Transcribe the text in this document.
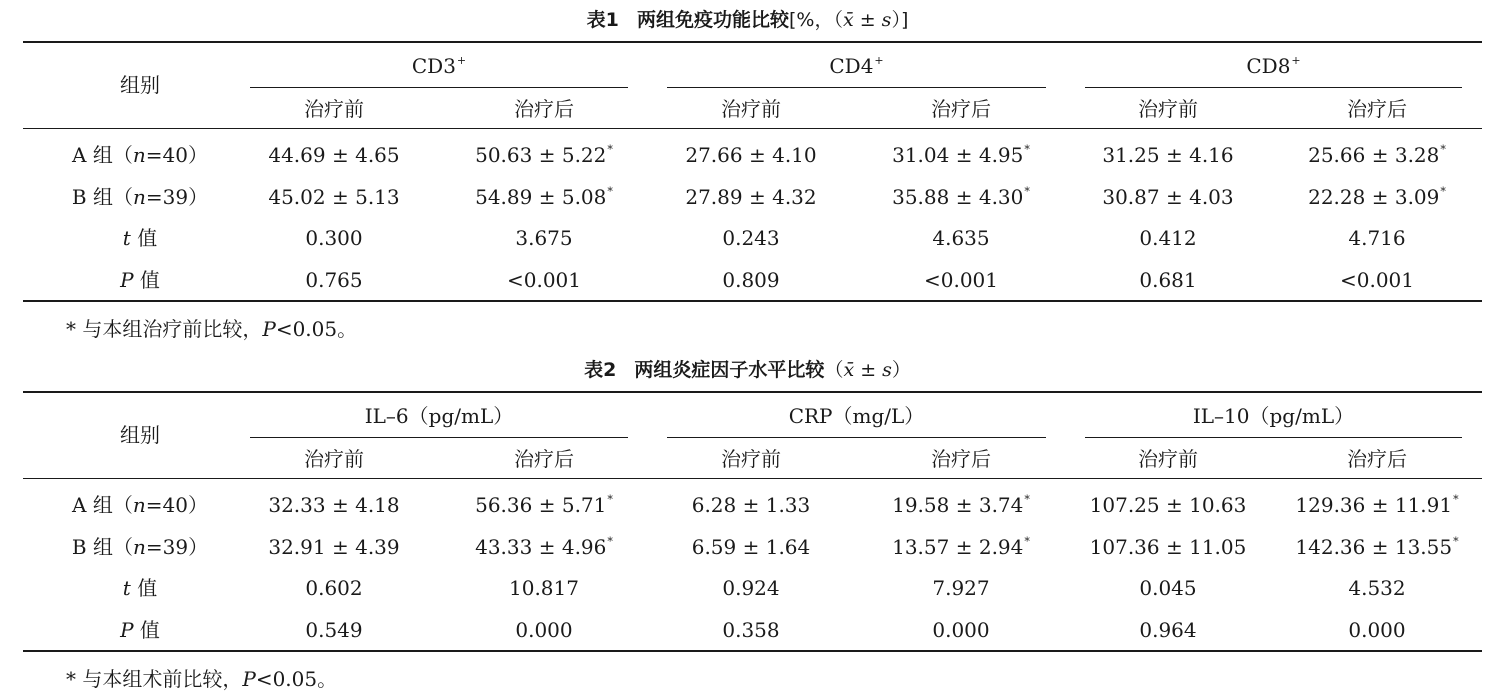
表1 两组免疫功能比较[%，（x̄ ± s）]
组别
CD3+
治疗前	治疗后
CD4+
治疗前	治疗后
CD8+
治疗前	治疗后
A 组（n=40）	44.69 ± 4.65	50.63 ± 5.22*	27.66 ± 4.10	31.04 ± 4.95*	31.25 ± 4.16	25.66 ± 3.28*
B 组（n=39）	45.02 ± 5.13	54.89 ± 5.08*	27.89 ± 4.32	35.88 ± 4.30*	30.87 ± 4.03	22.28 ± 3.09*
t 值	0.300	3.675	0.243	4.635	0.412	4.716
P 值	0.765	<0.001	0.809	<0.001	0.681	<0.001
* 与本组治疗前比较，P<0.05。
表2 两组炎症因子水平比较（x̄ ± s）
组别
IL–6（pg/mL）
治疗前	治疗后
CRP（mg/L）
治疗前	治疗后
IL–10（pg/mL）
治疗前	治疗后
A 组（n=40）	32.33 ± 4.18	56.36 ± 5.71*	6.28 ± 1.33	19.58 ± 3.74*	107.25 ± 10.63	129.36 ± 11.91*
B 组（n=39）	32.91 ± 4.39	43.33 ± 4.96*	6.59 ± 1.64	13.57 ± 2.94*	107.36 ± 11.05	142.36 ± 13.55*
t 值	0.602	10.817	0.924	7.927	0.045	4.532
P 值	0.549	0.000	0.358	0.000	0.964	0.000
* 与本组术前比较，P<0.05。
